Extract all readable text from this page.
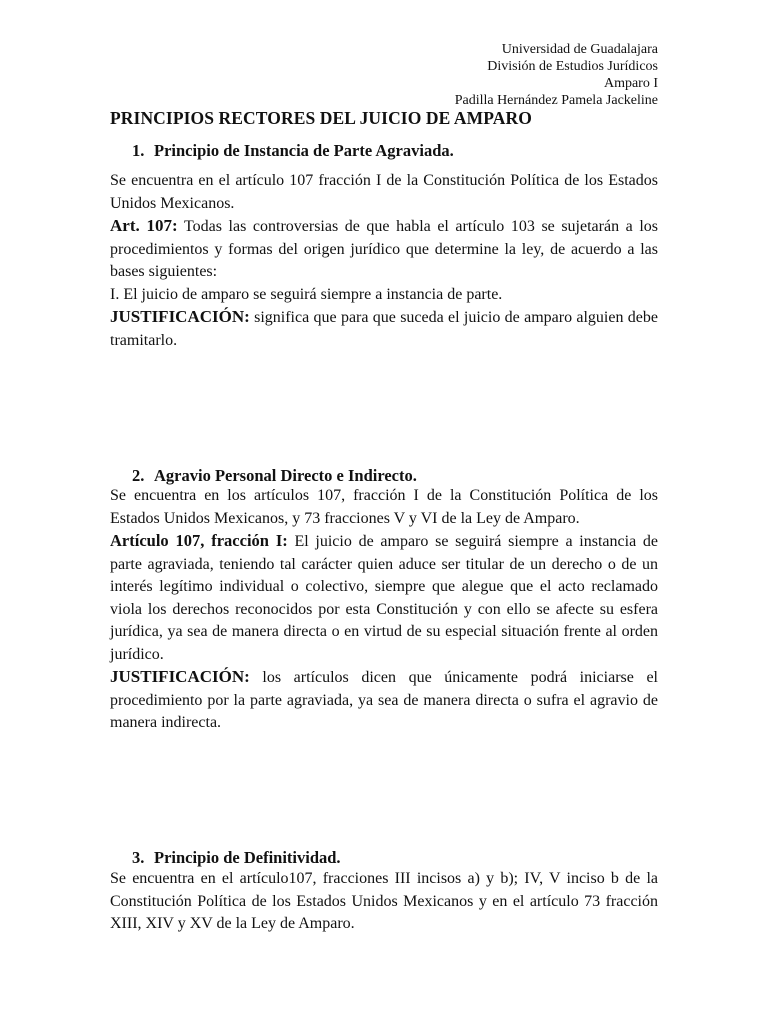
Universidad de Guadalajara
División de Estudios Jurídicos
Amparo I
Padilla Hernández Pamela Jackeline
PRINCIPIOS RECTORES DEL JUICIO DE AMPARO
1. Principio de Instancia de Parte Agraviada.

Se encuentra en el artículo 107 fracción I de la Constitución Política de los Estados Unidos Mexicanos.

Art. 107: Todas las controversias de que habla el artículo 103 se sujetarán a los procedimientos y formas del origen jurídico que determine la ley, de acuerdo a las bases siguientes:

I. El juicio de amparo se seguirá siempre a instancia de parte.

JUSTIFICACIÓN: significa que para que suceda el juicio de amparo alguien debe tramitarlo.

2. Agravio Personal Directo e Indirecto.

Se encuentra en los artículos 107, fracción I de la Constitución Política de los Estados Unidos Mexicanos, y 73 fracciones V y VI de la Ley de Amparo.

Artículo 107, fracción I: El juicio de amparo se seguirá siempre a instancia de parte agraviada, teniendo tal carácter quien aduce ser titular de un derecho o de un interés legítimo individual o colectivo, siempre que alegue que el acto reclamado viola los derechos reconocidos por esta Constitución y con ello se afecte su esfera jurídica, ya sea de manera directa o en virtud de su especial situación frente al orden jurídico.

JUSTIFICACIÓN: los artículos dicen que únicamente podrá iniciarse el procedimiento por la parte agraviada, ya sea de manera directa o sufra el agravio de manera indirecta.

3. Principio de Definitividad.

Se encuentra en el artículo107, fracciones III incisos a) y b); IV, V inciso b de la Constitución Política de los Estados Unidos Mexicanos y en el artículo 73 fracción XIII, XIV y XV de la Ley de Amparo.
